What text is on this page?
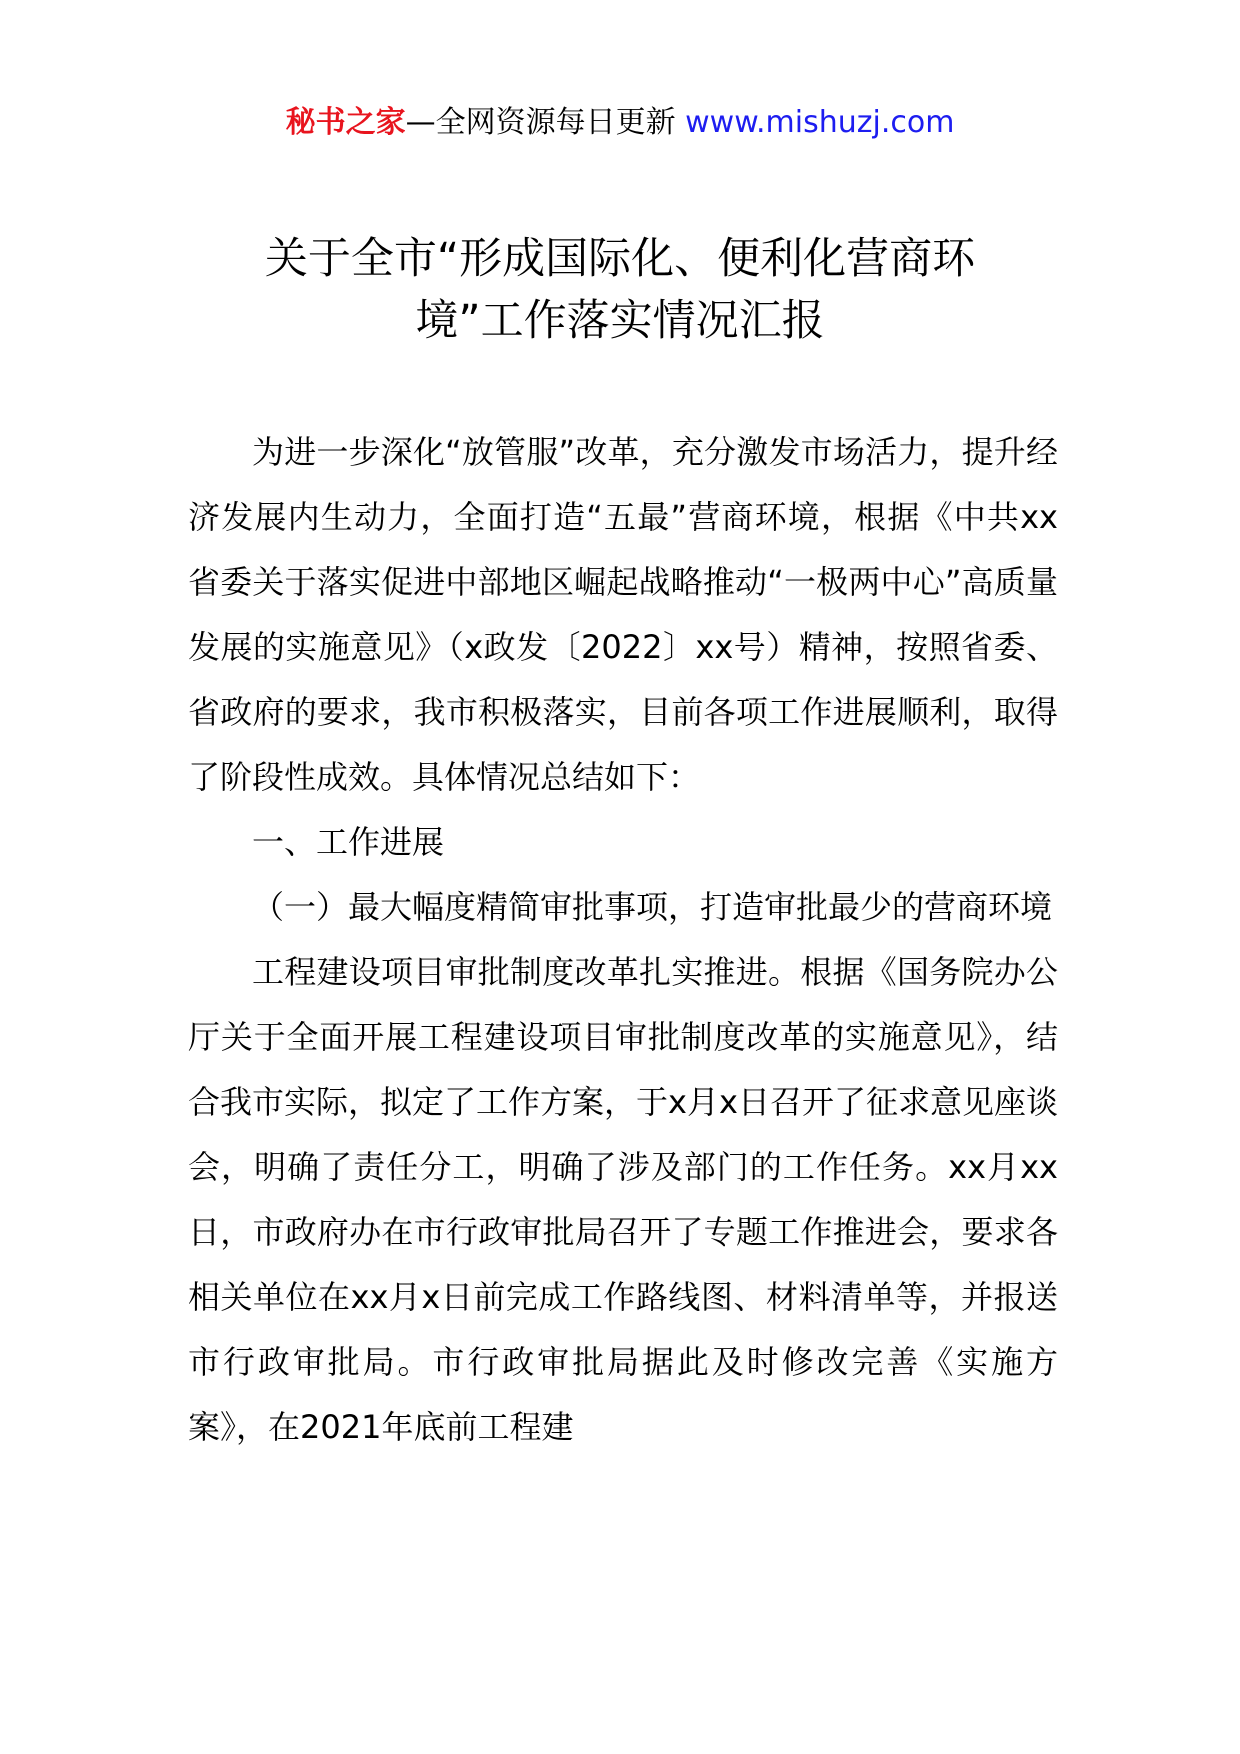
秘书之家—全网资源每日更新 www.mishuzj.com
关于全市“形成国际化、便利化营商环
境”工作落实情况汇报

为进一步深化“放管服”改革，充分激发市场活力，提升经济发展内生动力，全面打造“五最”营商环境，根据《中共xx省委关于落实促进中部地区崛起战略推动“一极两中心”高质量发展的实施意见》（x政发〔2022〕xx号）精神，按照省委、省政府的要求，我市积极落实，目前各项工作进展顺利，取得了阶段性成效。具体情况总结如下：

一、工作进展

（一）最大幅度精简审批事项，打造审批最少的营商环境

工程建设项目审批制度改革扎实推进。根据《国务院办公厅关于全面开展工程建设项目审批制度改革的实施意见》，结合我市实际，拟定了工作方案，于x月x日召开了征求意见座谈会，明确了责任分工，明确了涉及部门的工作任务。xx月xx日，市政府办在市行政审批局召开了专题工作推进会，要求各相关单位在xx月x日前完成工作路线图、材料清单等，并报送市行政审批局。市行政审批局据此及时修改完善《实施方案》，在2021年底前工程建
